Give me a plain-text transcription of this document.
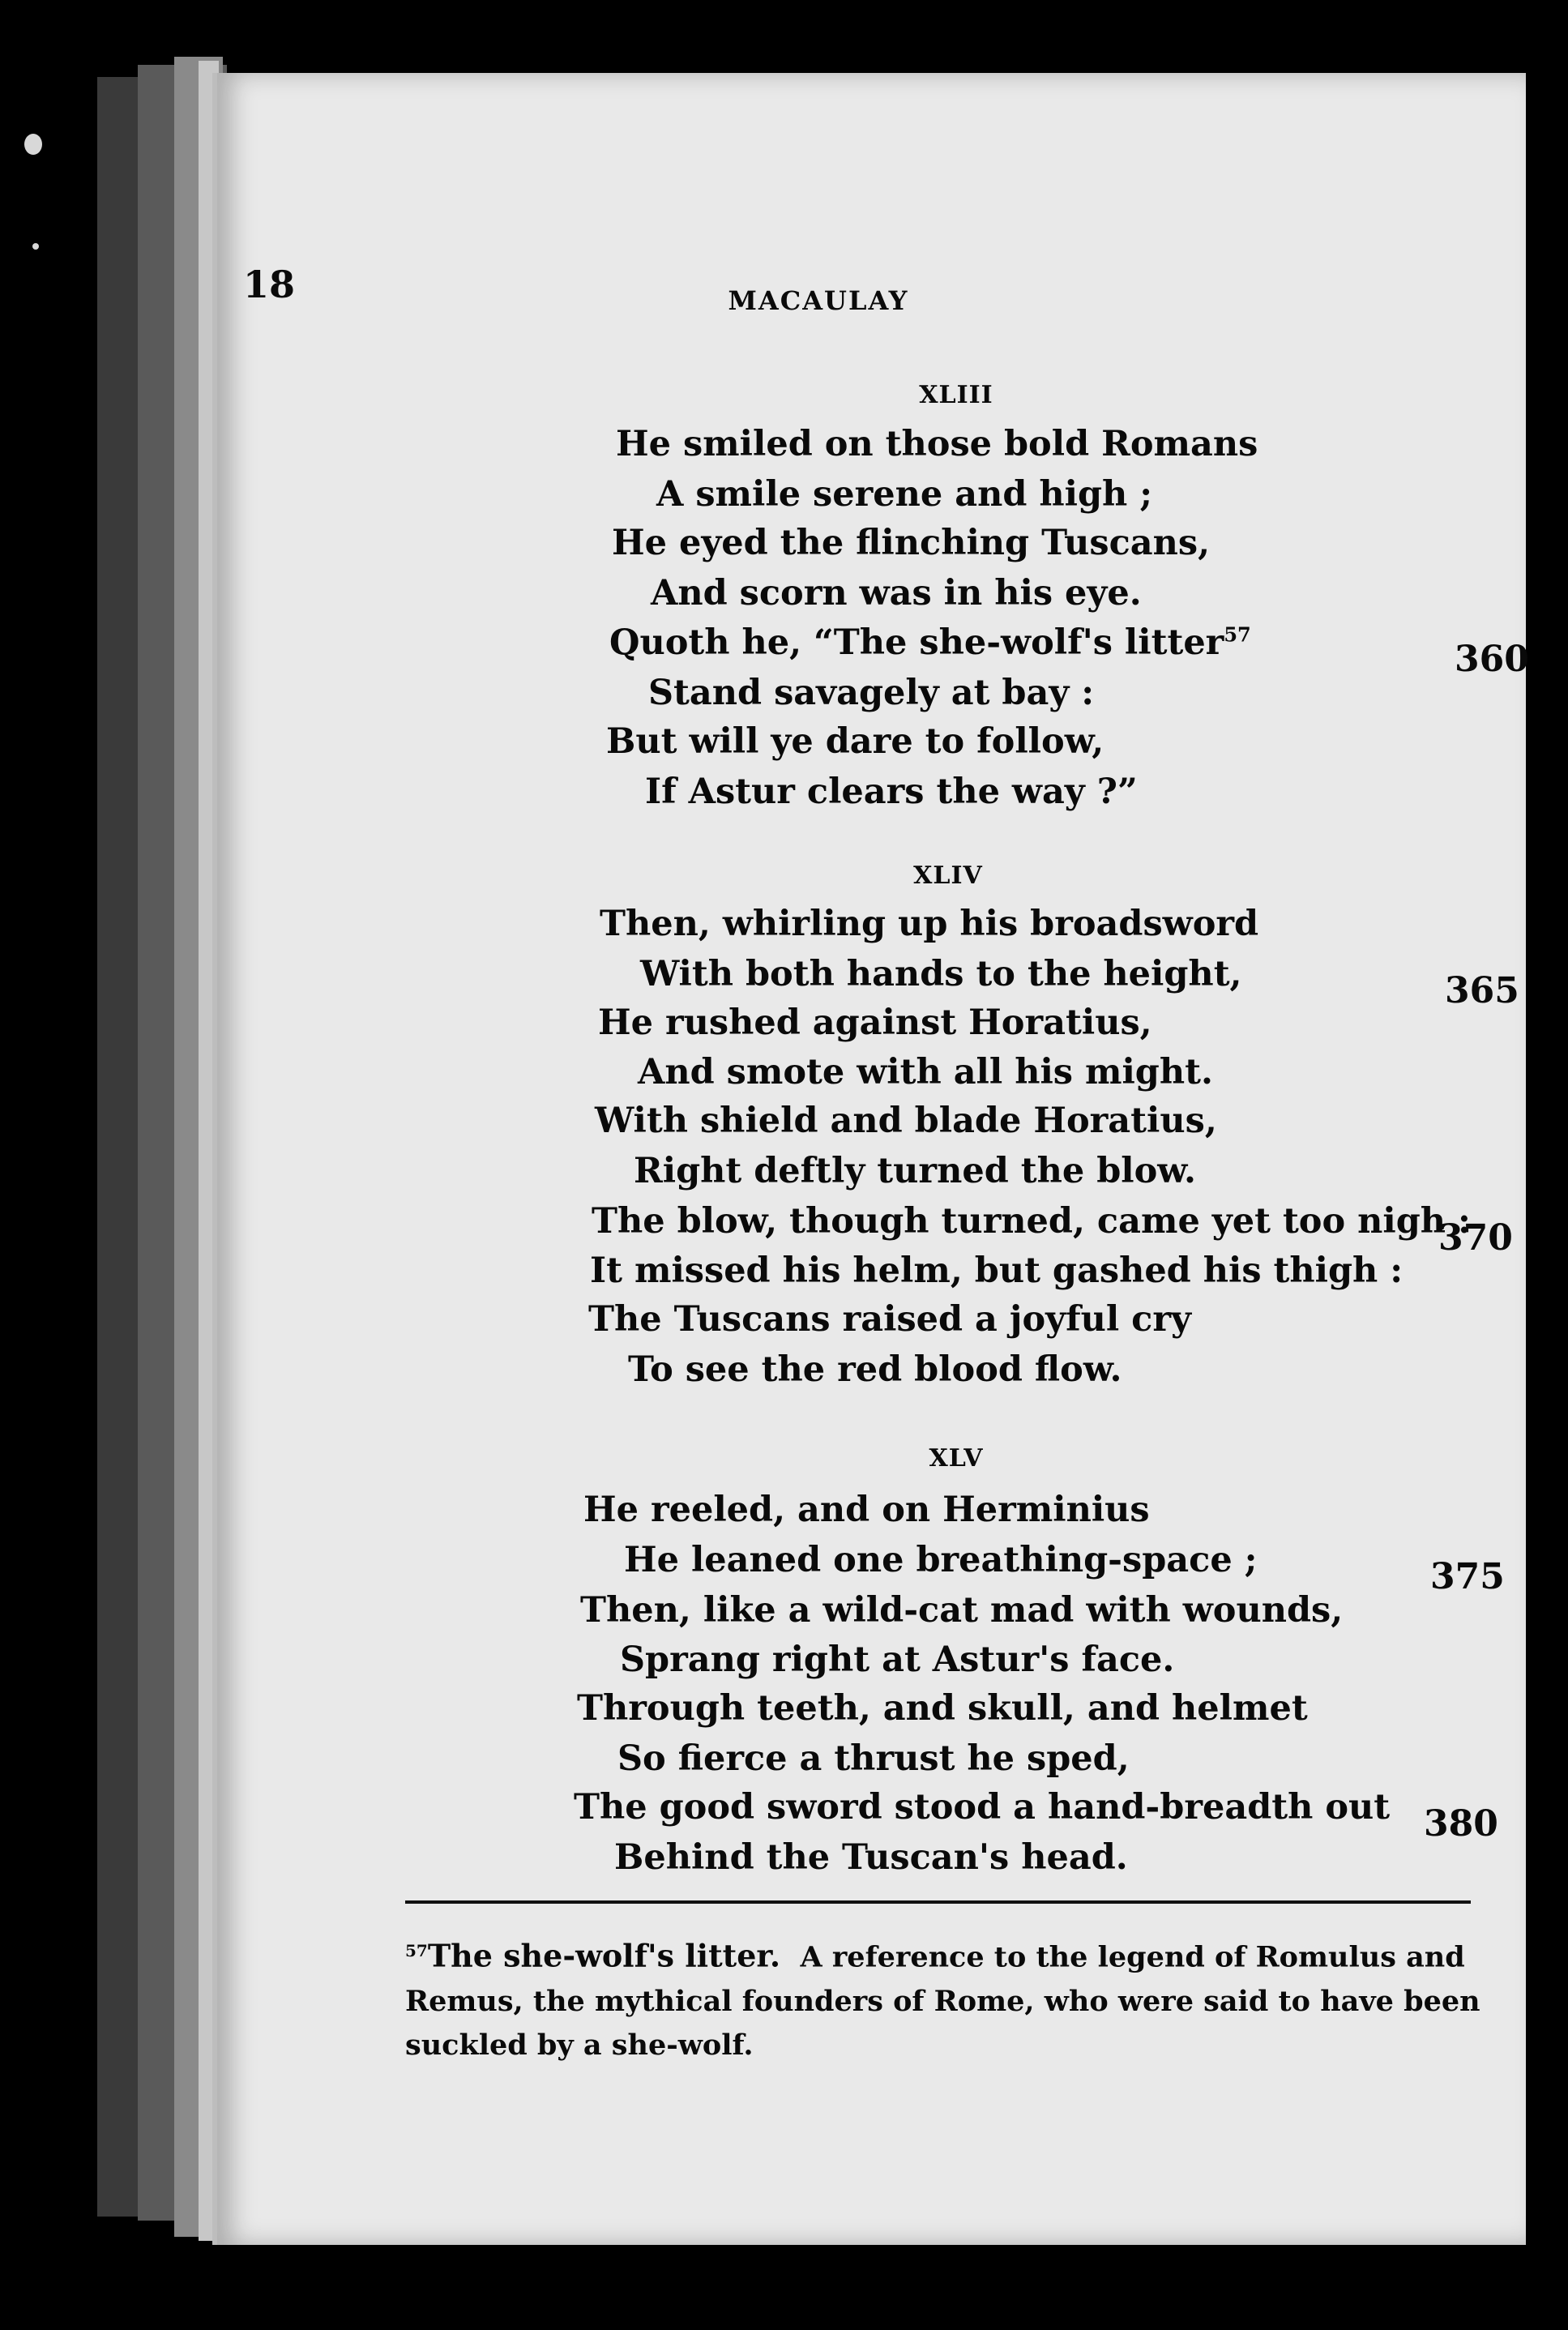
18	MACAULAY
XLIII
He smiled on those bold Romans
A smile serene and high ;
He eyed the flinching Tuscans,
And scorn was in his eye.
Quoth he, “The she-wolf's litter$^{57}$
Stand savagely at bay :
But will ye dare to follow,
If Astur clears the way ?”
360
XLIV
Then, whirling up his broadsword
With both hands to the height,
He rushed against Horatius,
And smote with all his might.
With shield and blade Horatius,
Right deftly turned the blow.
The blow, though turned, came yet too nigh :
It missed his helm, but gashed his thigh :
The Tuscans raised a joyful cry
To see the red blood flow.
365
370
XLV
He reeled, and on Herminius
He leaned one breathing-space ;
Then, like a wild-cat mad with wounds,
Sprang right at Astur's face.
Through teeth, and skull, and helmet
So fierce a thrust he sped,
The good sword stood a hand-breadth out
Behind the Tuscan's head.
375
380
$^{57}$The she-wolf's litter. A reference to the legend of Romulus and Remus, the mythical founders of Rome, who were said to have been suckled by a she-wolf.
